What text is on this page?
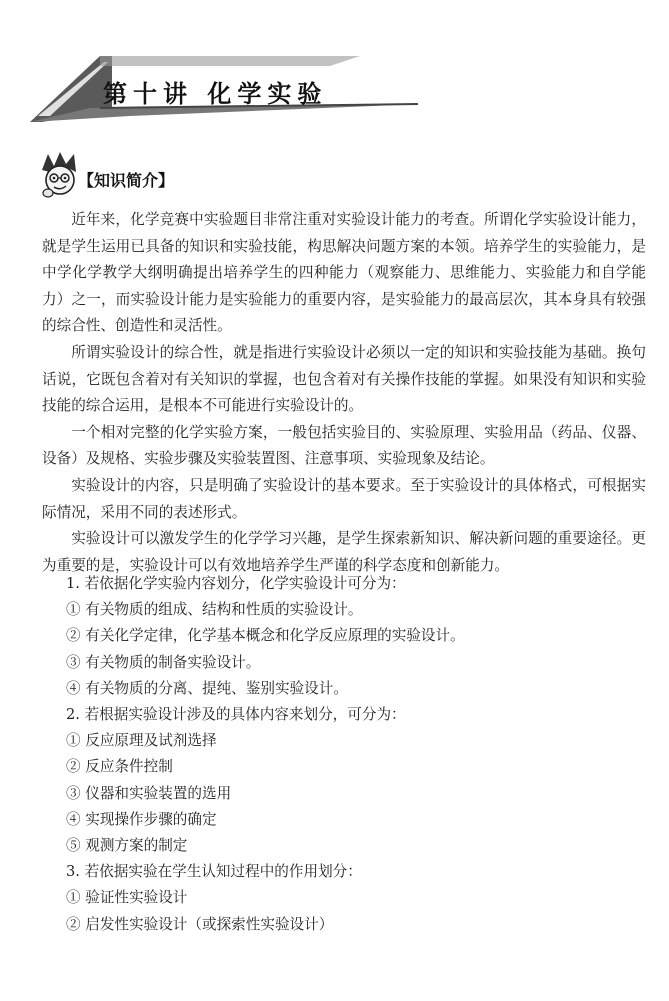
第十讲 化学实验
【知识简介】

近年来，化学竞赛中实验题目非常注重对实验设计能力的考查。所谓化学实验设计能力，就是学生运用已具备的知识和实验技能，构思解决问题方案的本领。培养学生的实验能力，是中学化学教学大纲明确提出培养学生的四种能力（观察能力、思维能力、实验能力和自学能力）之一，而实验设计能力是实验能力的重要内容，是实验能力的最高层次，其本身具有较强的综合性、创造性和灵活性。

所谓实验设计的综合性，就是指进行实验设计必须以一定的知识和实验技能为基础。换句话说，它既包含着对有关知识的掌握，也包含着对有关操作技能的掌握。如果没有知识和实验技能的综合运用，是根本不可能进行实验设计的。

一个相对完整的化学实验方案，一般包括实验目的、实验原理、实验用品（药品、仪器、设备）及规格、实验步骤及实验装置图、注意事项、实验现象及结论。

实验设计的内容，只是明确了实验设计的基本要求。至于实验设计的具体格式，可根据实际情况，采用不同的表述形式。

实验设计可以激发学生的化学学习兴趣，是学生探索新知识、解决新问题的重要途径。更为重要的是，实验设计可以有效地培养学生严谨的科学态度和创新能力。

1. 若依据化学实验内容划分，化学实验设计可分为：

① 有关物质的组成、结构和性质的实验设计。

② 有关化学定律，化学基本概念和化学反应原理的实验设计。

③ 有关物质的制备实验设计。

④ 有关物质的分离、提纯、鉴别实验设计。

2. 若根据实验设计涉及的具体内容来划分，可分为：

① 反应原理及试剂选择

② 反应条件控制

③ 仪器和实验装置的选用

④ 实现操作步骤的确定

⑤ 观测方案的制定

3. 若依据实验在学生认知过程中的作用划分：

① 验证性实验设计

② 启发性实验设计（或探索性实验设计）
